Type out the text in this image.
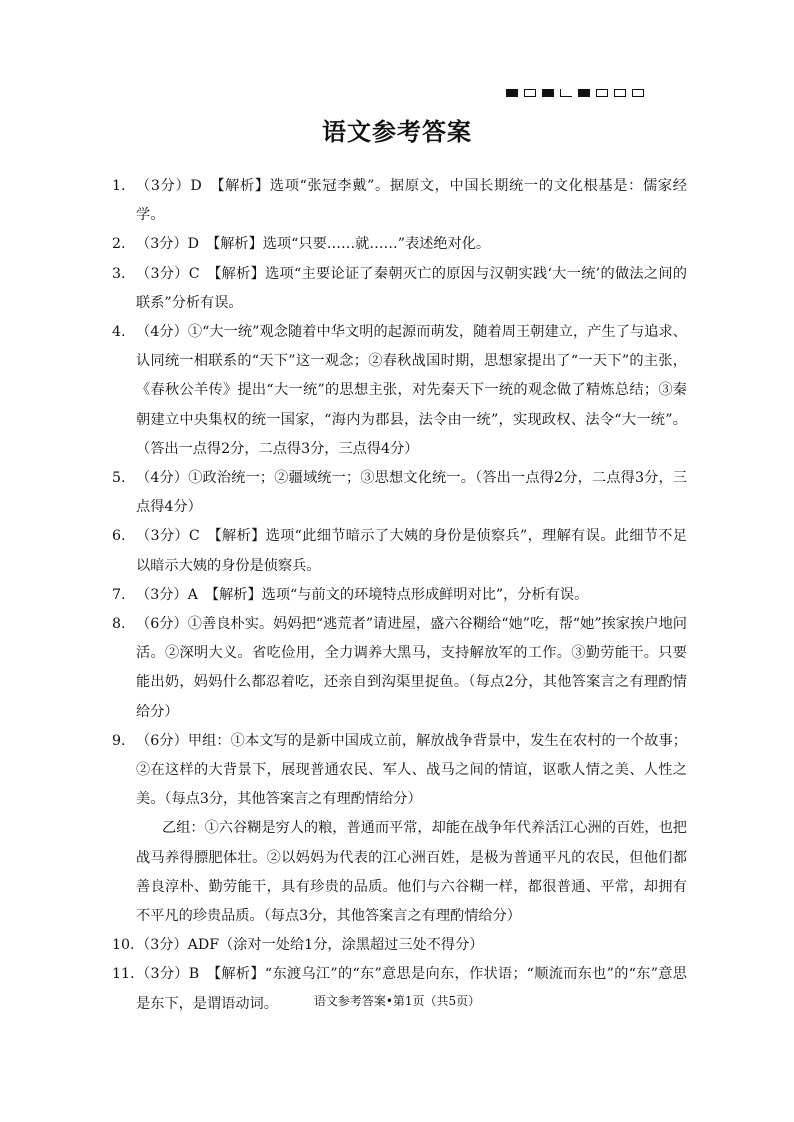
语文参考答案
1. （3分）D　【解析】选项“张冠李戴”。据原文，中国长期统一的文化根基是：儒家经学。
2. （3分）D　【解析】选项“只要……就……”表述绝对化。
3. （3分）C　【解析】选项“主要论证了秦朝灭亡的原因与汉朝实践‘大一统’的做法之间的联系”分析有误。
4. （4分）①“大一统”观念随着中华文明的起源而萌发，随着周王朝建立，产生了与追求、认同统一相联系的“天下”这一观念；②春秋战国时期，思想家提出了“一天下”的主张，《春秋公羊传》提出“大一统”的思想主张，对先秦天下一统的观念做了精炼总结；③秦朝建立中央集权的统一国家，“海内为郡县，法令由一统”，实现政权、法令“大一统”。（答出一点得2分，二点得3分，三点得4分）
5. （4分）①政治统一；②疆域统一；③思想文化统一。（答出一点得2分，二点得3分，三点得4分）
6. （3分）C　【解析】选项“此细节暗示了大姨的身份是侦察兵”，理解有误。此细节不足以暗示大姨的身份是侦察兵。
7. （3分）A　【解析】选项“与前文的环境特点形成鲜明对比”，分析有误。
8. （6分）①善良朴实。妈妈把“逃荒者”请进屋，盛六谷糊给“她”吃，帮“她”挨家挨户地问活。②深明大义。省吃俭用，全力调养大黑马，支持解放军的工作。③勤劳能干。只要能出奶，妈妈什么都忍着吃，还亲自到沟渠里捉鱼。（每点2分，其他答案言之有理酌情给分）
9. （6分）甲组：①本文写的是新中国成立前，解放战争背景中，发生在农村的一个故事；②在这样的大背景下，展现普通农民、军人、战马之间的情谊，讴歌人情之美、人性之美。（每点3分，其他答案言之有理酌情给分）
乙组：①六谷糊是穷人的粮，普通而平常，却能在战争年代养活江心洲的百姓，也把战马养得膘肥体壮。②以妈妈为代表的江心洲百姓，是极为普通平凡的农民，但他们都善良淳朴、勤劳能干，具有珍贵的品质。他们与六谷糊一样，都很普通、平常，却拥有不平凡的珍贵品质。（每点3分，其他答案言之有理酌情给分）
10. （3分）ADF（涂对一处给1分，涂黑超过三处不得分）
11. （3分）B　【解析】“东渡乌江”的“东”意思是向东，作状语；“顺流而东也”的“东”意思是东下，是谓语动词。	语文参考答案•第1页（共5页）
